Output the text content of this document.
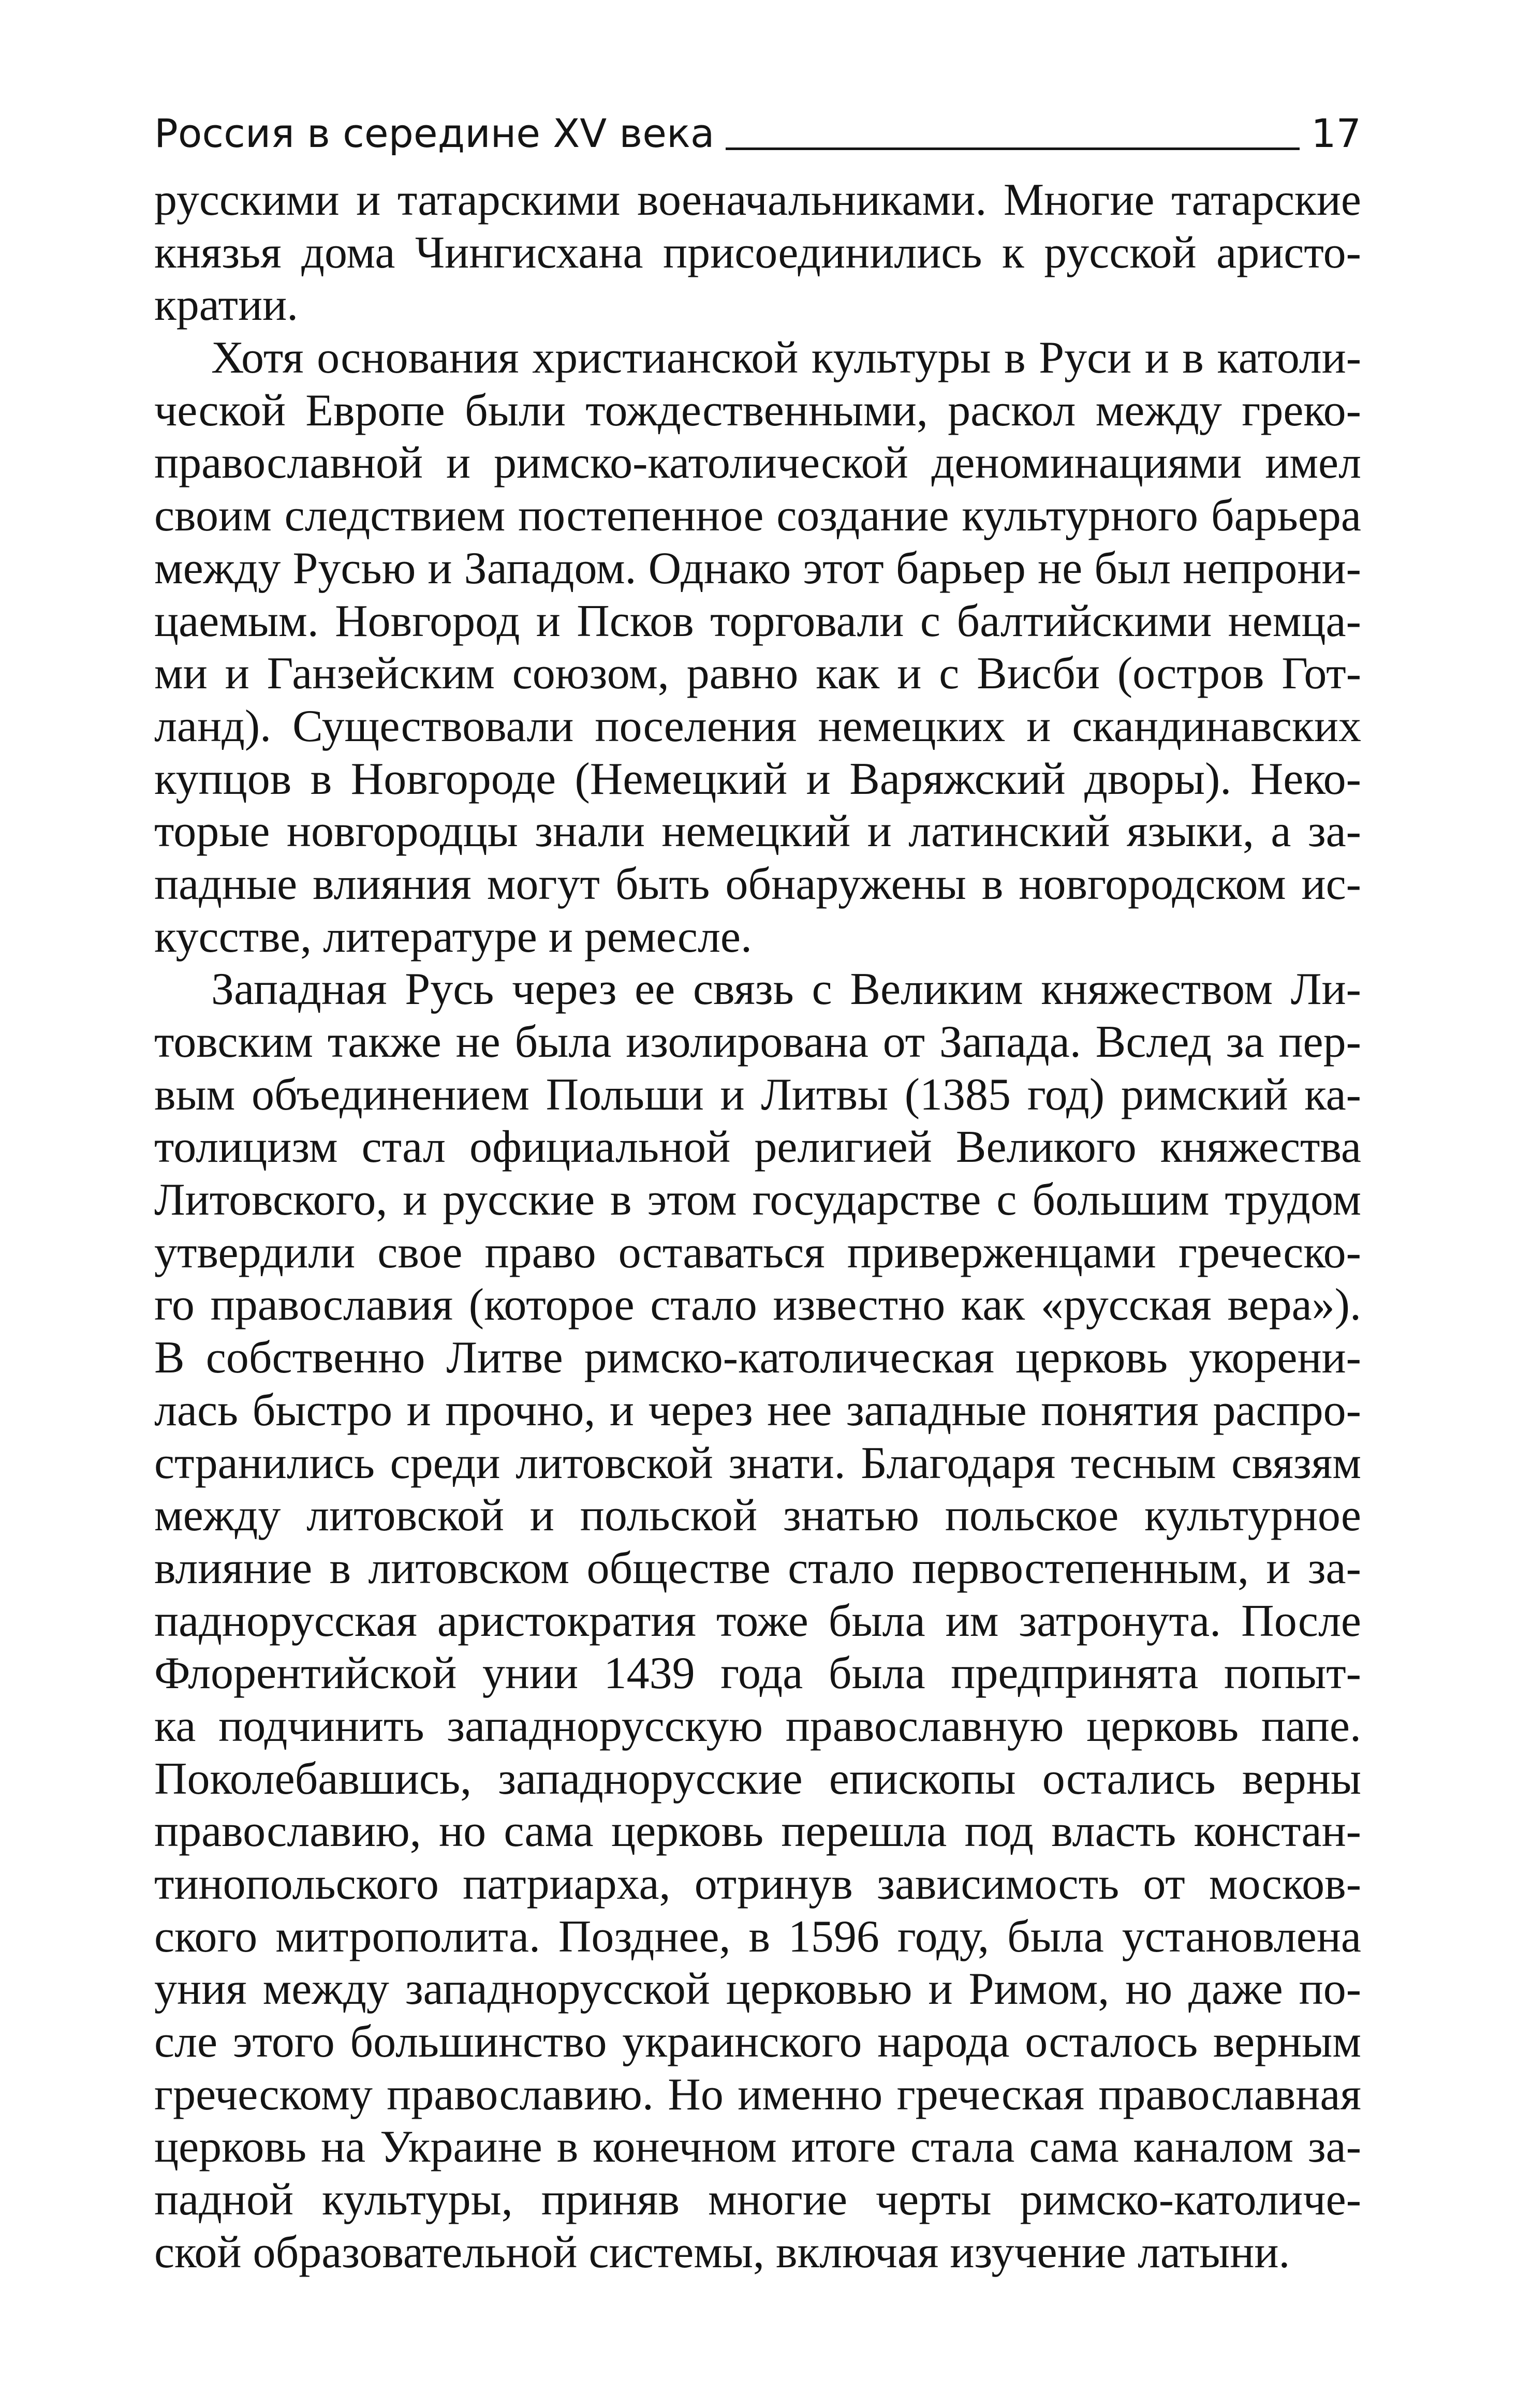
Россия в середине XV века	17
русскими и татарскими военачальниками. Многие татарские
князья дома Чингисхана присоединились к русской аристо-
кратии.
Хотя основания христианской культуры в Руси и в католи-
ческой Европе были тождественными, раскол между греко-
православной и римско-католической деноминациями имел
своим следствием постепенное создание культурного барьера
между Русью и Западом. Однако этот барьер не был непрони-
цаемым. Новгород и Псков торговали с балтийскими немца-
ми и Ганзейским союзом, равно как и с Висби (остров Гот-
ланд). Существовали поселения немецких и скандинавских
купцов в Новгороде (Немецкий и Варяжский дворы). Неко-
торые новгородцы знали немецкий и латинский языки, а за-
падные влияния могут быть обнаружены в новгородском ис-
кусстве, литературе и ремесле.
Западная Русь через ее связь с Великим княжеством Ли-
товским также не была изолирована от Запада. Вслед за пер-
вым объединением Польши и Литвы (1385 год) римский ка-
толицизм стал официальной религией Великого княжества
Литовского, и русские в этом государстве с большим трудом
утвердили свое право оставаться приверженцами греческо-
го православия (которое стало известно как «русская вера»).
В собственно Литве римско-католическая церковь укорени-
лась быстро и прочно, и через нее западные понятия распро-
странились среди литовской знати. Благодаря тесным связям
между литовской и польской знатью польское культурное
влияние в литовском обществе стало первостепенным, и за-
паднорусская аристократия тоже была им затронута. После
Флорентийской унии 1439 года была предпринята попыт-
ка подчинить западнорусскую православную церковь папе.
Поколебавшись, западнорусские епископы остались верны
православию, но сама церковь перешла под власть констан-
тинопольского патриарха, отринув зависимость от москов-
ского митрополита. Позднее, в 1596 году, была установлена
уния между западнорусской церковью и Римом, но даже по-
сле этого большинство украинского народа осталось верным
греческому православию. Но именно греческая православная
церковь на Украине в конечном итоге стала сама каналом за-
падной культуры, приняв многие черты римско-католиче-
ской образовательной системы, включая изучение латыни.
